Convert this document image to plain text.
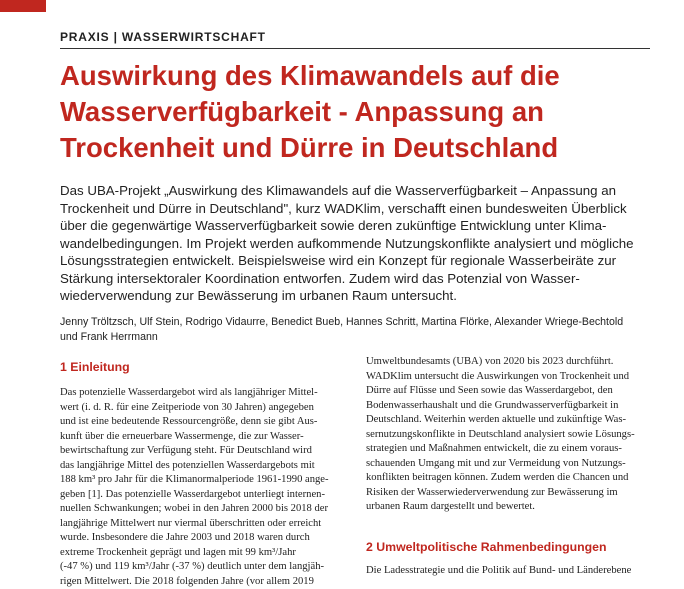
PRAXIS | WASSERWIRTSCHAFT
Auswirkung des Klimawandels auf die
Wasserverfügbarkeit - Anpassung an
Trockenheit und Dürre in Deutschland
Das UBA-Projekt „Auswirkung des Klimawandels auf die Wasserverfügbarkeit – Anpassung an
Trockenheit und Dürre in Deutschland", kurz WADKlim, verschafft einen bundesweiten Überblick
über die gegenwärtige Wasserverfügbarkeit sowie deren zukünftige Entwicklung unter Klima-
wandelbedingungen. Im Projekt werden aufkommende Nutzungskonflikte analysiert und mögliche
Lösungsstrategien entwickelt. Beispielsweise wird ein Konzept für regionale Wasserbeiräte zur
Stärkung intersektoraler Koordination entworfen. Zudem wird das Potenzial von Wasser-
wiederverwendung zur Bewässerung im urbanen Raum untersucht.
Jenny Tröltzsch, Ulf Stein, Rodrigo Vidaurre, Benedict Bueb, Hannes Schritt, Martina Flörke, Alexander Wriege-Bechtold
und Frank Herrmann
1 Einleitung
Das potenzielle Wasserdargebot wird als langjähriger Mittel-
wert (i. d. R. für eine Zeitperiode von 30 Jahren) angegeben
und ist eine bedeutende Ressourcengröße, denn sie gibt Aus-
kunft über die erneuerbare Wassermenge, die zur Wasser-
bewirtschaftung zur Verfügung steht. Für Deutschland wird
das langjährige Mittel des potenziellen Wasserdargebots mit
188 km³ pro Jahr für die Klimanormalperiode 1961-1990 ange-
geben [1]. Das potenzielle Wasserdargebot unterliegt internen-
nuellen Schwankungen; wobei in den Jahren 2000 bis 2018 der
langjährige Mittelwert nur viermal überschritten oder erreicht
wurde. Insbesondere die Jahre 2003 und 2018 waren durch
extreme Trockenheit geprägt und lagen mit 99 km³/Jahr
(-47 %) und 119 km³/Jahr (-37 %) deutlich unter dem langjäh-
rigen Mittelwert. Die 2018 folgenden Jahre (vor allem 2019
Umweltbundesamts (UBA) von 2020 bis 2023 durchführt.
WADKlim untersucht die Auswirkungen von Trockenheit und
Dürre auf Flüsse und Seen sowie das Wasserdargebot, den
Bodenwasserhaushalt und die Grundwasserverfügbarkeit in
Deutschland. Weiterhin werden aktuelle und zukünftige Was-
sernutzungskonflikte in Deutschland analysiert sowie Lösungs-
strategien und Maßnahmen entwickelt, die zu einem voraus-
schauenden Umgang mit und zur Vermeidung von Nutzungs-
konflikten beitragen können. Zudem werden die Chancen und
Risiken der Wasserwiederverwendung zur Bewässerung im
urbanen Raum dargestellt und bewertet.
2 Umweltpolitische Rahmenbedingungen
Die Ladesstrategie und die Politik auf Bund- und Länderebene
